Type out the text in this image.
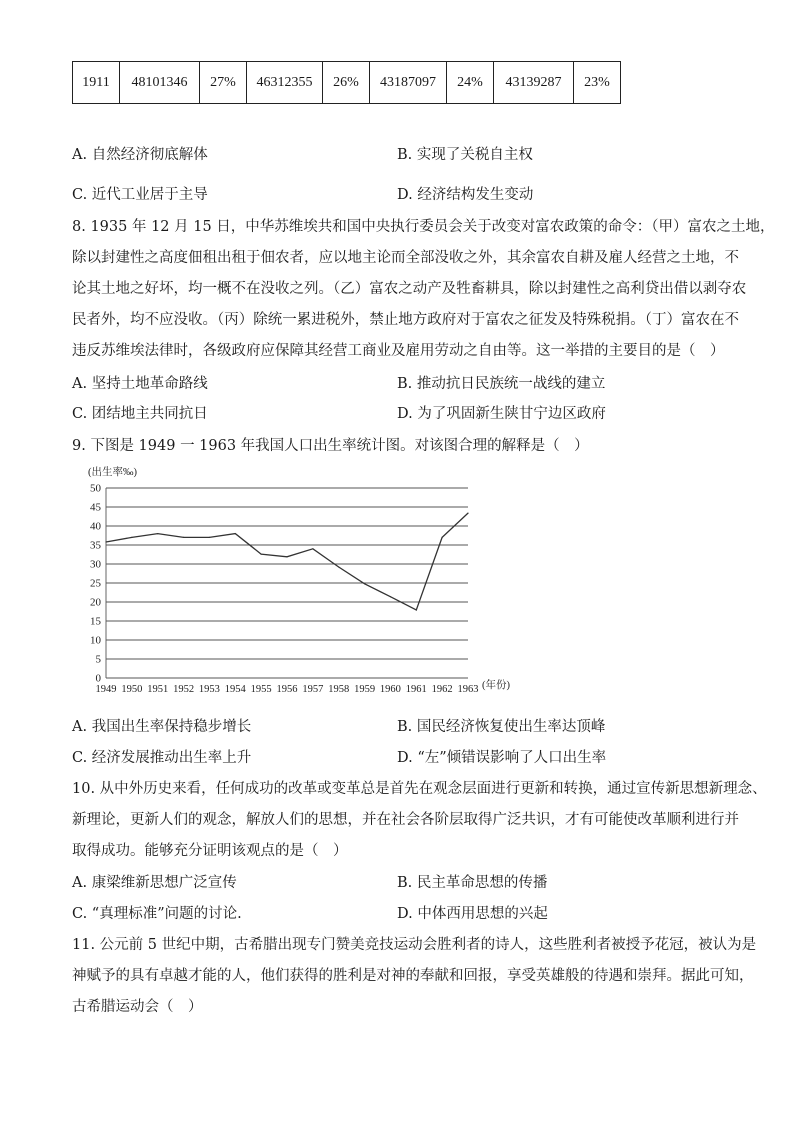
1911	48101346	27%	46312355	26%	43187097	24%	43139287	23%
A. 自然经济彻底解体	B. 实现了关税自主权
C. 近代工业居于主导	D. 经济结构发生变动
8. 1935 年 12 月 15 日，中华苏维埃共和国中央执行委员会关于改变对富农政策的命令：（甲）富农之土地，
除以封建性之高度佃租出租于佃农者，应以地主论而全部没收之外，其余富农自耕及雇人经营之土地，不
论其土地之好坏，均一概不在没收之列。（乙）富农之动产及牲畜耕具，除以封建性之高利贷出借以剥夺农
民者外，均不应没收。（丙）除统一累进税外，禁止地方政府对于富农之征发及特殊税捐。（丁）富农在不
违反苏维埃法律时，各级政府应保障其经营工商业及雇用劳动之自由等。这一举措的主要目的是（　）
A. 坚持土地革命路线	B. 推动抗日民族统一战线的建立
C. 团结地主共同抗日	D. 为了巩固新生陕甘宁边区政府
9. 下图是 1949 一 1963 年我国人口出生率统计图。对该图合理的解释是（　）
0
5
10
15
20
25
30
35
40
45
50
1949 1950 1951 1952 1953 1954 1955 1956 1957 1958 1959 1960 1961 1962 1963
(出生率‰)
(年份)
A. 我国出生率保持稳步增长	B. 国民经济恢复使出生率达顶峰
C. 经济发展推动出生率上升	D. “左”倾错误影响了人口出生率
10. 从中外历史来看，任何成功的改革或变革总是首先在观念层面进行更新和转换，通过宣传新思想新理念、
新理论，更新人们的观念，解放人们的思想，并在社会各阶层取得广泛共识，才有可能使改革顺利进行并
取得成功。能够充分证明该观点的是（　）
A. 康梁维新思想广泛宣传	B. 民主革命思想的传播
C. “真理标准”问题的讨论.	D. 中体西用思想的兴起
11. 公元前 5 世纪中期，古希腊出现专门赞美竞技运动会胜利者的诗人，这些胜利者被授予花冠，被认为是
神赋予的具有卓越才能的人，他们获得的胜利是对神的奉献和回报，享受英雄般的待遇和崇拜。据此可知，
古希腊运动会（　）
